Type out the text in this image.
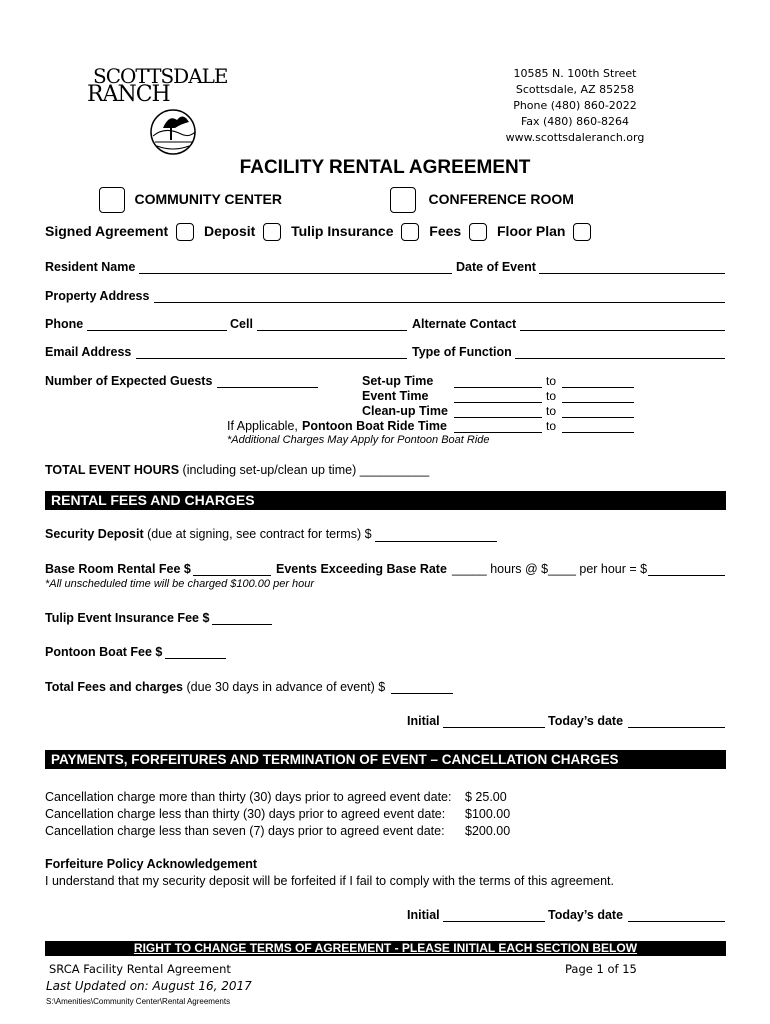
SCOTTSDALE
RANCH
10585 N. 100th Street
Scottsdale, AZ 85258
Phone (480) 860-2022
Fax (480) 860-8264
www.scottsdaleranch.org
FACILITY RENTAL AGREEMENT
COMMUNITY CENTER	CONFERENCE ROOM
Signed Agreement	Deposit	Tulip Insurance	Fees	Floor Plan
Resident Name	Date of Event
Property Address
Phone	Cell	Alternate Contact
Email Address	Type of Function
Number of Expected Guests	Set-up Time	to
Event Time	to
Clean-up Time	to
If Applicable, Pontoon Boat Ride Time	to
*Additional Charges May Apply for Pontoon Boat Ride
TOTAL EVENT HOURS (including set-up/clean up time) __________
RENTAL FEES AND CHARGES
Security Deposit (due at signing, see contract for terms) $
Base Room Rental Fee $	Events Exceeding Base Rate _____ hours @ $____ per hour = $
*All unscheduled time will be charged $100.00 per hour
Tulip Event Insurance Fee $
Pontoon Boat Fee $
Total Fees and charges (due 30 days in advance of event) $
Initial	Today’s date
PAYMENTS, FORFEITURES AND TERMINATION OF EVENT – CANCELLATION CHARGES
Cancellation charge more than thirty (30) days prior to agreed event date: $ 25.00
Cancellation charge less than thirty (30) days prior to agreed event date: $100.00
Cancellation charge less than seven (7) days prior to agreed event date: $200.00
Forfeiture Policy Acknowledgement
I understand that my security deposit will be forfeited if I fail to comply with the terms of this agreement.
Initial	Today’s date
RIGHT TO CHANGE TERMS OF AGREEMENT - PLEASE INITIAL EACH SECTION BELOW
SRCA Facility Rental Agreement	Page 1 of 15
Last Updated on: August 16, 2017
S:\Amenities\Community Center\Rental Agreements
